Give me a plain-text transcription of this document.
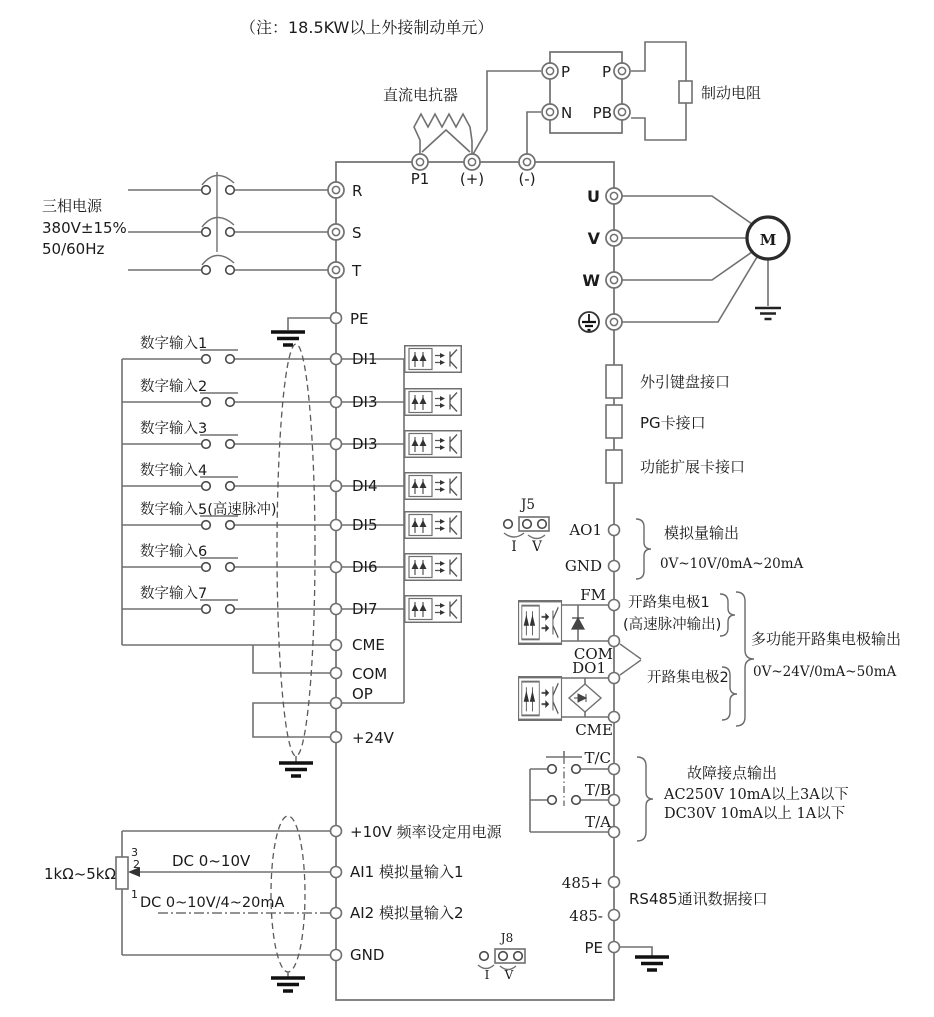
（注：18.5KW以上外接制动单元）
直流电抗器
P
N
P
PB
制动电阻
P1 (+) (-)
三相电源
380V±15%
50/60Hz
R
S
T
PE
U
V
W
M
数字输入1
DI1
数字输入2
DI3
数字输入3
DI3
数字输入4
DI4
数字输入5(高速脉冲)
DI5
数字输入6
DI6
数字输入7
DI7
CME
COM
OP
+24V
外引键盘接口
PG卡接口
功能扩展卡接口
J5
I V
AO1
GND
模拟量输出
0V~10V/0mA~20mA
FM
COM
DO1
CME
开路集电极1
(高速脉冲输出)
开路集电极2
多功能开路集电极输出
0V~24V/0mA~50mA
T/C
T/B
T/A
故障接点输出
AC250V 10mA以上3A以下
DC30V 10mA以上 1A以下
485+
485-
PE
RS485通讯数据接口
3
2
1
1kΩ~5kΩ
DC 0~10V
DC 0~10V/4~20mA
+10V 频率设定用电源
AI1 模拟量输入1
AI2 模拟量输入2
GND
J8
I V
